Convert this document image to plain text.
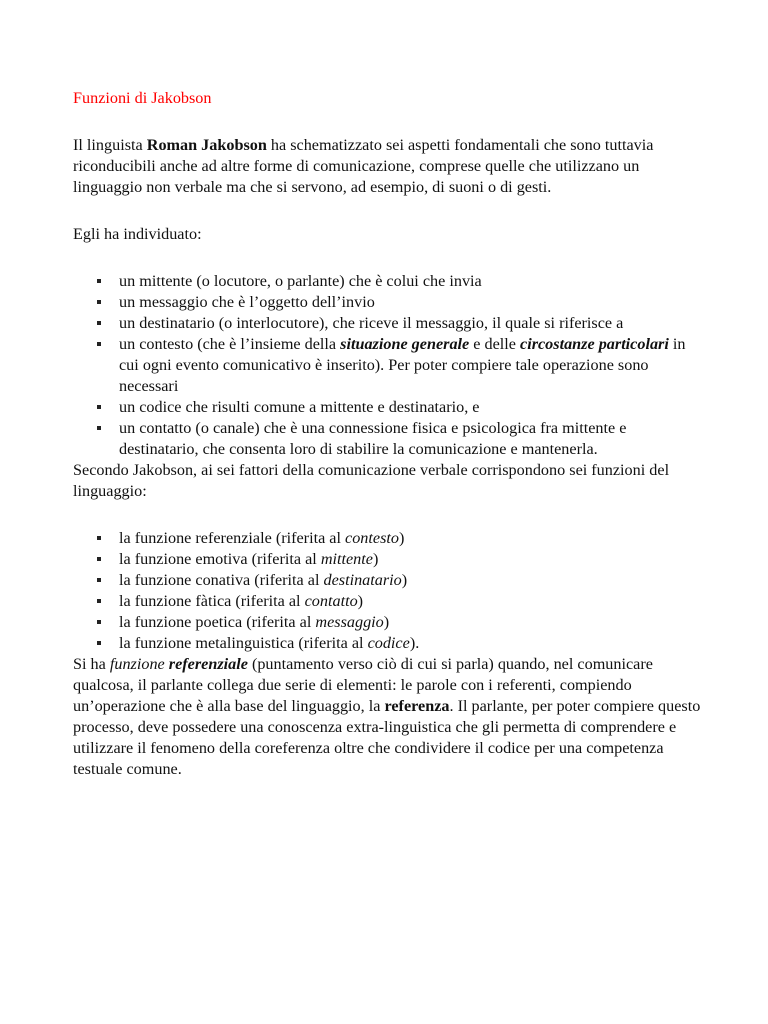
Funzioni di Jakobson

Il linguista Roman Jakobson ha schematizzato sei aspetti fondamentali che sono tuttavia riconducibili anche ad altre forme di comunicazione, comprese quelle che utilizzano un linguaggio non verbale ma che si servono, ad esempio, di suoni o di gesti.

Egli ha individuato:

un mittente (o locutore, o parlante) che è colui che invia
un messaggio che è l’oggetto dell’invio
un destinatario (o interlocutore), che riceve il messaggio, il quale si riferisce a
un contesto (che è l’insieme della situazione generale e delle circostanze particolari in cui ogni evento comunicativo è inserito). Per poter compiere tale operazione sono necessari
un codice che risulti comune a mittente e destinatario, e
un contatto (o canale) che è una connessione fisica e psicologica fra mittente e destinatario, che consenta loro di stabilire la comunicazione e mantenerla.

Secondo Jakobson, ai sei fattori della comunicazione verbale corrispondono sei funzioni del linguaggio:

la funzione referenziale (riferita al contesto)
la funzione emotiva (riferita al mittente)
la funzione conativa (riferita al destinatario)
la funzione fàtica (riferita al contatto)
la funzione poetica (riferita al messaggio)
la funzione metalinguistica (riferita al codice).

Si ha funzione referenziale (puntamento verso ciò di cui si parla) quando, nel comunicare qualcosa, il parlante collega due serie di elementi: le parole con i referenti, compiendo un’operazione che è alla base del linguaggio, la referenza. Il parlante, per poter compiere questo processo, deve possedere una conoscenza extra-linguistica che gli permetta di comprendere e utilizzare il fenomeno della coreferenza oltre che condividere il codice per una competenza testuale comune.
